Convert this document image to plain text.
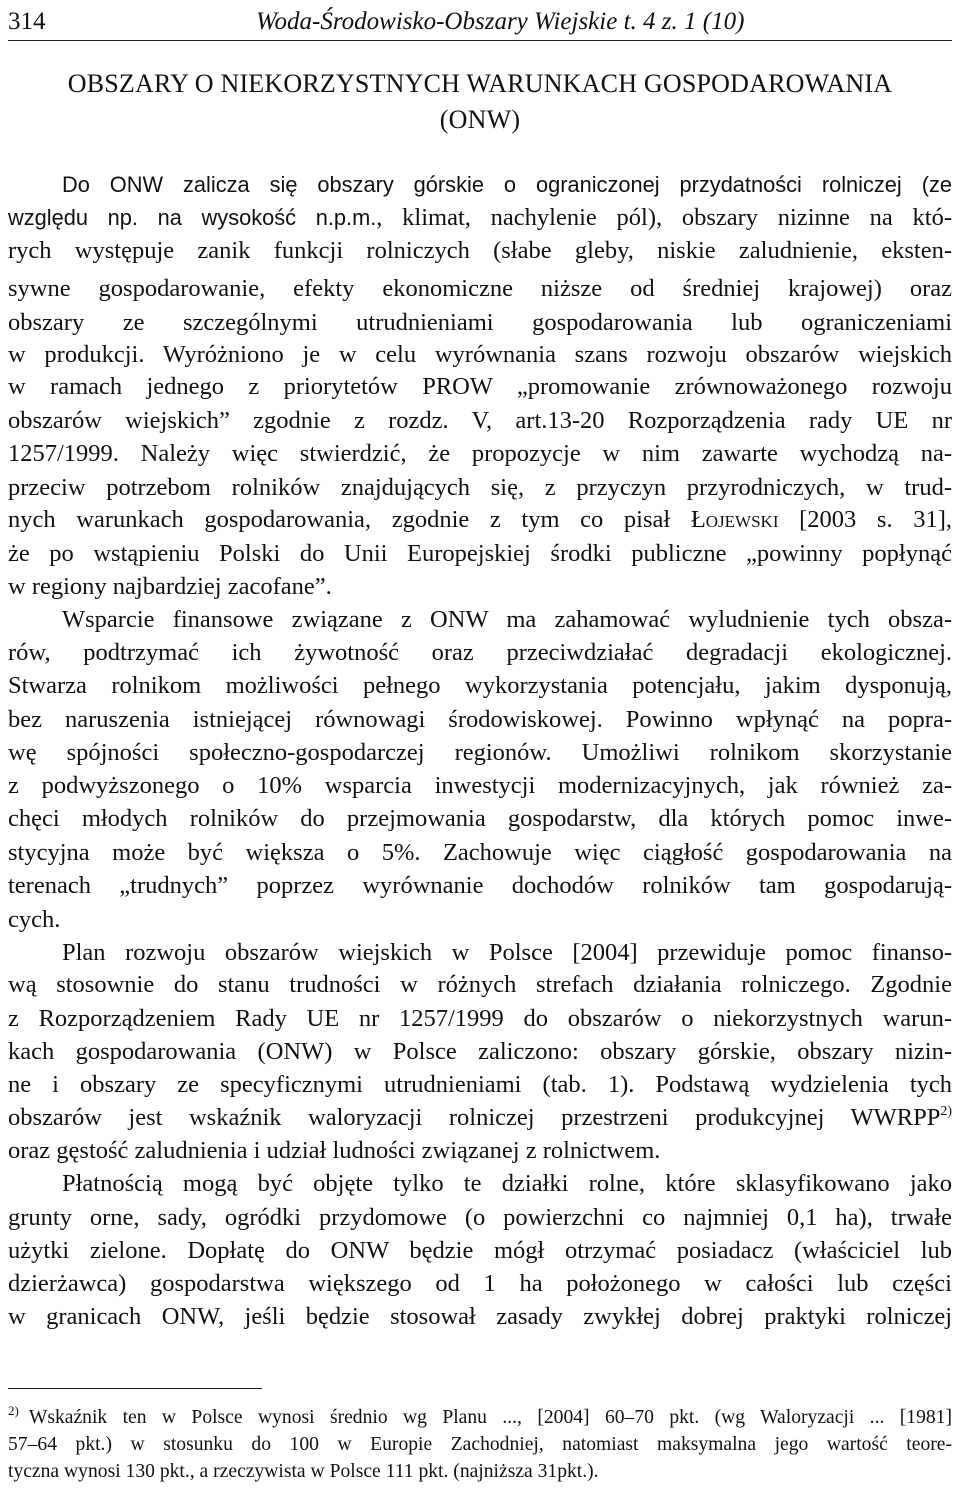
314	Woda-Środowisko-Obszary Wiejskie t. 4 z. 1 (10)
OBSZARY O NIEKORZYSTNYCH WARUNKACH GOSPODAROWANIA
(ONW)
Do ONW zalicza się obszary górskie o ograniczonej przydatności rolniczej (ze
względu np. na wysokość n.p.m., klimat, nachylenie pól), obszary nizinne na któ-
rych występuje zanik funkcji rolniczych (słabe gleby, niskie zaludnienie, eksten-
sywne gospodarowanie, efekty ekonomiczne niższe od średniej krajowej) oraz
obszary ze szczególnymi utrudnieniami gospodarowania lub ograniczeniami
w produkcji. Wyróżniono je w celu wyrównania szans rozwoju obszarów wiejskich
w ramach jednego z priorytetów PROW „promowanie zrównoważonego rozwoju
obszarów wiejskich” zgodnie z rozdz. V, art.13-20 Rozporządzenia rady UE nr
1257/1999. Należy więc stwierdzić, że propozycje w nim zawarte wychodzą na-
przeciw potrzebom rolników znajdujących się, z przyczyn przyrodniczych, w trud-
nych warunkach gospodarowania, zgodnie z tym co pisał Łojewski [2003 s. 31],
że po wstąpieniu Polski do Unii Europejskiej środki publiczne „powinny popłynąć
w regiony najbardziej zacofane”.
Wsparcie finansowe związane z ONW ma zahamować wyludnienie tych obsza-
rów, podtrzymać ich żywotność oraz przeciwdziałać degradacji ekologicznej.
Stwarza rolnikom możliwości pełnego wykorzystania potencjału, jakim dysponują,
bez naruszenia istniejącej równowagi środowiskowej. Powinno wpłynąć na popra-
wę spójności społeczno-gospodarczej regionów. Umożliwi rolnikom skorzystanie
z podwyższonego o 10% wsparcia inwestycji modernizacyjnych, jak również za-
chęci młodych rolników do przejmowania gospodarstw, dla których pomoc inwe-
stycyjna może być większa o 5%. Zachowuje więc ciągłość gospodarowania na
terenach „trudnych” poprzez wyrównanie dochodów rolników tam gospodarują-
cych.
Plan rozwoju obszarów wiejskich w Polsce [2004] przewiduje pomoc finanso-
wą stosownie do stanu trudności w różnych strefach działania rolniczego. Zgodnie
z Rozporządzeniem Rady UE nr 1257/1999 do obszarów o niekorzystnych warun-
kach gospodarowania (ONW) w Polsce zaliczono: obszary górskie, obszary nizin-
ne i obszary ze specyficznymi utrudnieniami (tab. 1). Podstawą wydzielenia tych
obszarów jest wskaźnik waloryzacji rolniczej przestrzeni produkcyjnej WWRPP$^{2)}$
oraz gęstość zaludnienia i udział ludności związanej z rolnictwem.
Płatnością mogą być objęte tylko te działki rolne, które sklasyfikowano jako
grunty orne, sady, ogródki przydomowe (o powierzchni co najmniej 0,1 ha), trwałe
użytki zielone. Dopłatę do ONW będzie mógł otrzymać posiadacz (właściciel lub
dzierżawca) gospodarstwa większego od 1 ha położonego w całości lub części
w granicach ONW, jeśli będzie stosował zasady zwykłej dobrej praktyki rolniczej
$^{2)}$ Wskaźnik ten w Polsce wynosi średnio wg Planu ..., [2004] 60–70 pkt. (wg Waloryzacji ... [1981]
57–64 pkt.) w stosunku do 100 w Europie Zachodniej, natomiast maksymalna jego wartość teore-
tyczna wynosi 130 pkt., a rzeczywista w Polsce 111 pkt. (najniższa 31pkt.).
